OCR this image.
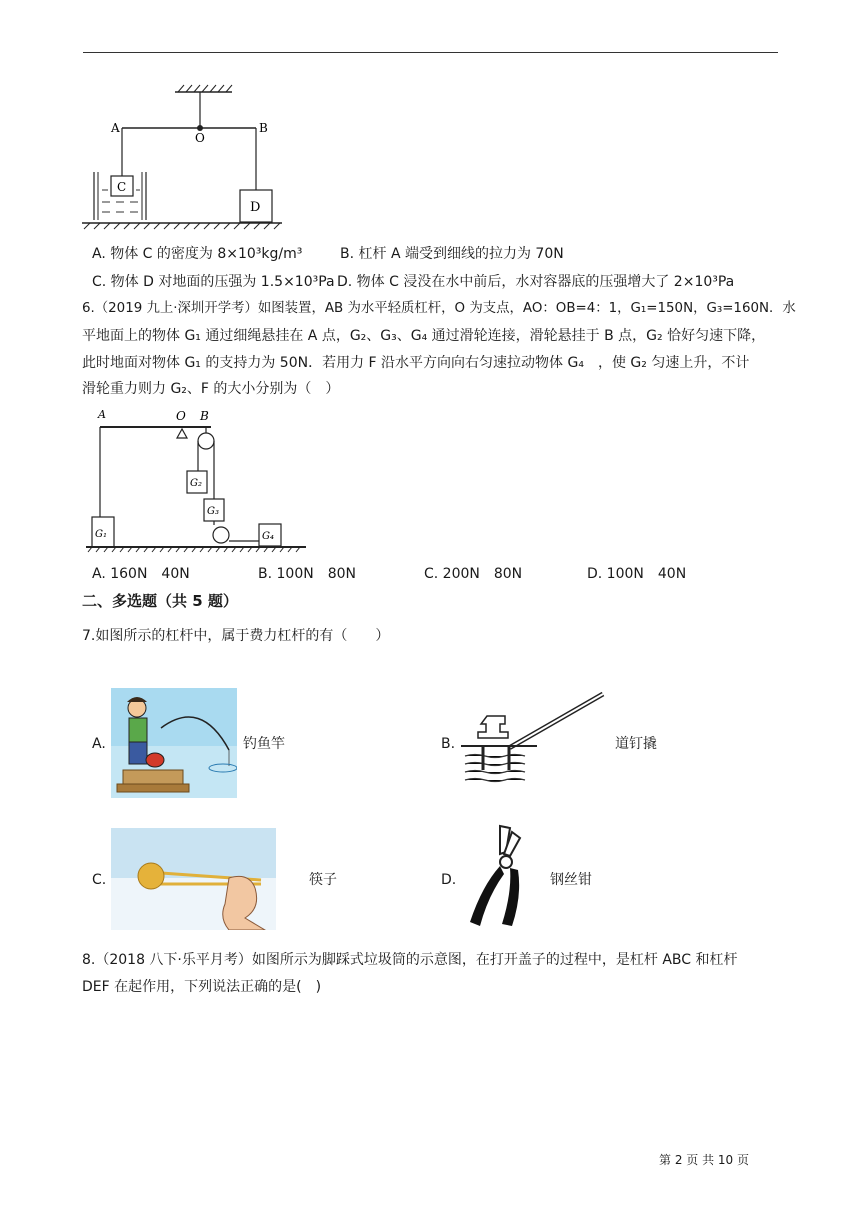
A	B
O
C
D
A. 物体 C 的密度为 8×10³kg/m³	B. 杠杆 A 端受到细线的拉力为 70N
C. 物体 D 对地面的压强为 1.5×10³Pa D. 物体 C 浸没在水中前后，水对容器底的压强增大了 2×10³Pa
6.（2019 九上·深圳开学考）如图装置，AB 为水平轻质杠杆，O 为支点，AO：OB=4：1，G₁=150N，G₃=160N．水
平地面上的物体 G₁ 通过细绳悬挂在 A 点，G₂、G₃、G₄ 通过滑轮连接，滑轮悬挂于 B 点，G₂ 恰好匀速下降，
此时地面对物体 G₁ 的支持力为 50N．若用力 F 沿水平方向向右匀速拉动物体 G₄　，使 G₂ 匀速上升，不计
滑轮重力则力 G₂、F 的大小分别为（　）
A	O B
G₁
G₂
G₃
G₄
A. 160N　40N	B. 100N　80N	C. 200N　80N	D. 100N　40N
二、多选题（共 5 题）
7.如图所示的杠杆中，属于费力杠杆的有（　　）
A.	钓鱼竿	B.	道钉撬
C.	筷子	D.	钢丝钳
8.（2018 八下·乐平月考）如图所示为脚踩式垃圾筒的示意图，在打开盖子的过程中，是杠杆 ABC 和杠杆
DEF 在起作用，下列说法正确的是(　)
第 2 页 共 10 页
